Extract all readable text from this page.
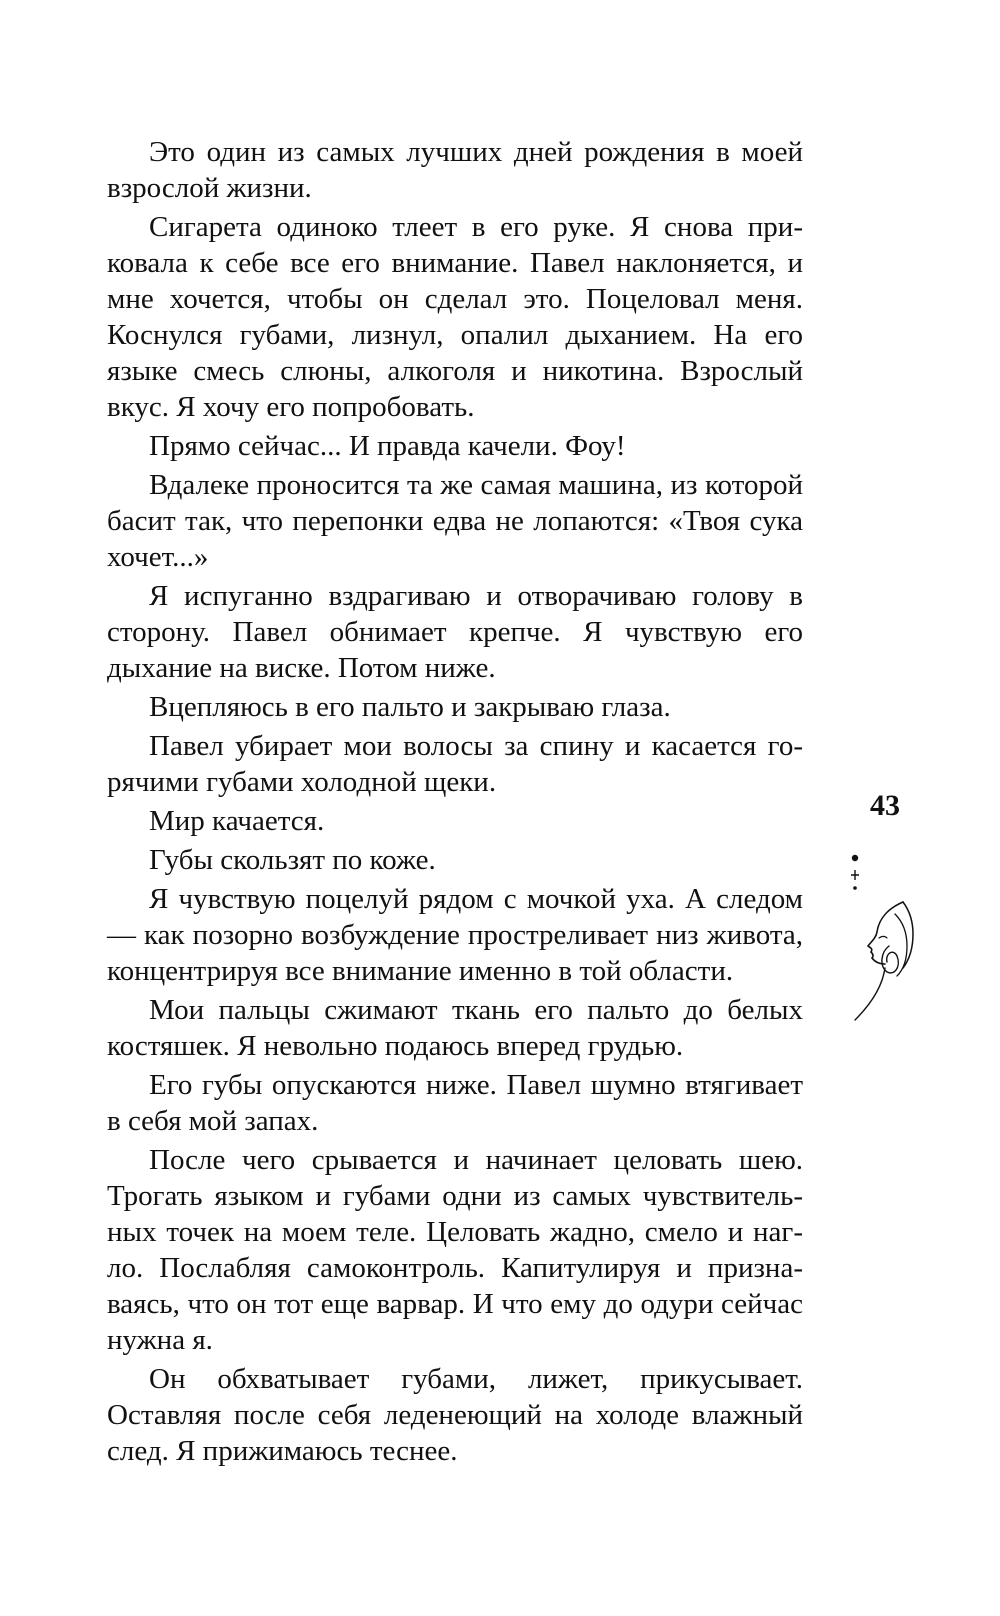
Это один из самых лучших дней рождения в моей взрослой жизни.

Сигарета одиноко тлеет в его руке. Я снова приковала к себе все его внимание. Павел наклоняется, и мне хочется, чтобы он сделал это. Поцеловал меня. Коснулся губами, лизнул, опалил дыханием. На его языке смесь слюны, алкоголя и никотина. Взрослый вкус. Я хочу его попробовать.

Прямо сейчас... И правда качели. Фоу!

Вдалеке проносится та же самая машина, из которой басит так, что перепонки едва не лопаются: «Твоя сука хочет...»

Я испуганно вздрагиваю и отворачиваю голову в сторону. Павел обнимает крепче. Я чувствую его дыхание на виске. Потом ниже.

Вцепляюсь в его пальто и закрываю глаза.

Павел убирает мои волосы за спину и касается горячими губами холодной щеки.

Мир качается.

Губы скользят по коже.

Я чувствую поцелуй рядом с мочкой уха. А следом — как позорно возбуждение простреливает низ живота, концентрируя все внимание именно в той области.

Мои пальцы сжимают ткань его пальто до белых костяшек. Я невольно подаюсь вперед грудью.

Его губы опускаются ниже. Павел шумно втягивает в себя мой запах.

После чего срывается и начинает целовать шею. Трогать языком и губами одни из самых чувствительных точек на моем теле. Целовать жадно, смело и нагло. Послабляя самоконтроль. Капитулируя и признаваясь, что он тот еще варвар. И что ему до одури сейчас нужна я.

Он обхватывает губами, лижет, прикусывает. Оставляя после себя леденеющий на холоде влажный след. Я прижимаюсь теснее.

43
